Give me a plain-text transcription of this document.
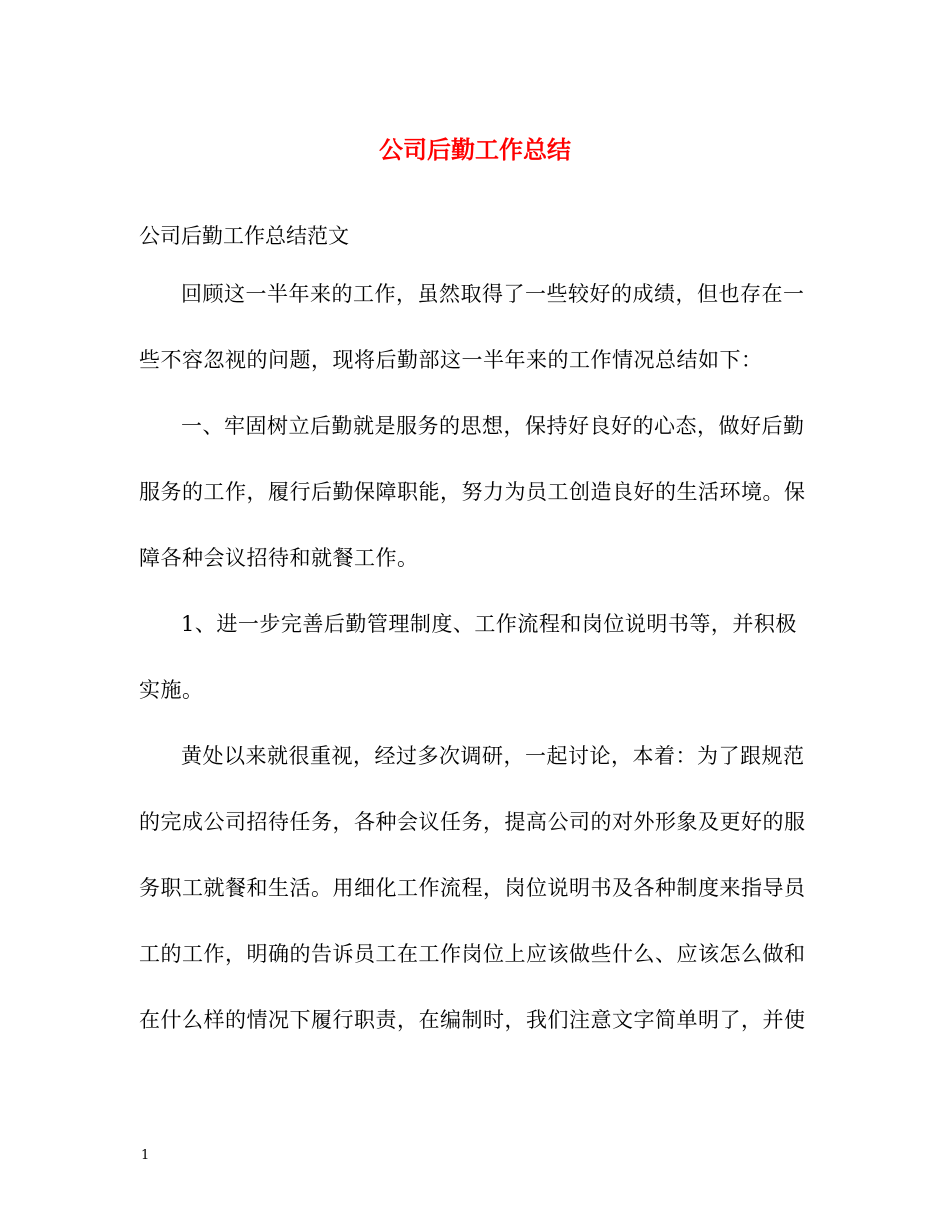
公司后勤工作总结

公司后勤工作总结范文

回顾这一半年来的工作，虽然取得了一些较好的成绩，但也存在一
些不容忽视的问题，现将后勤部这一半年来的工作情况总结如下：
一、牢固树立后勤就是服务的思想，保持好良好的心态，做好后勤
服务的工作，履行后勤保障职能，努力为员工创造良好的生活环境。保
障各种会议招待和就餐工作。
1、进一步完善后勤管理制度、工作流程和岗位说明书等，并积极
实施。
黄处以来就很重视，经过多次调研，一起讨论，本着：为了跟规范
的完成公司招待任务，各种会议任务，提高公司的对外形象及更好的服
务职工就餐和生活。用细化工作流程，岗位说明书及各种制度来指导员
工的工作，明确的告诉员工在工作岗位上应该做些什么、应该怎么做和
在什么样的情况下履行职责，在编制时，我们注意文字简单明了，并使

1
